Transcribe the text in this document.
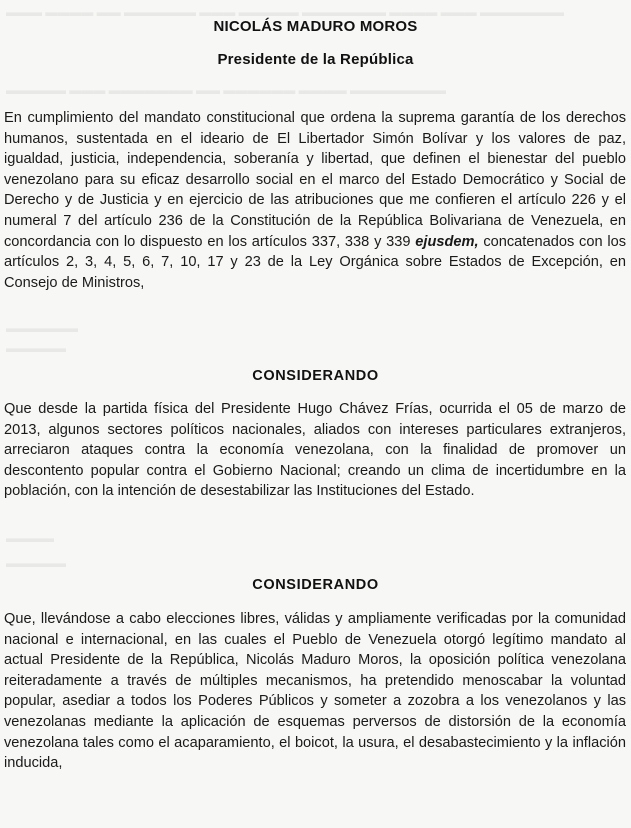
▬▬▬ ▬▬▬▬ ▬▬ ▬▬▬▬▬▬ ▬▬▬ ▬▬▬▬▬ ▬▬▬▬▬▬▬ ▬▬▬▬ ▬▬▬ ▬▬▬▬▬▬▬
▬▬▬▬▬ ▬▬▬ ▬▬▬▬▬▬▬ ▬▬ ▬▬▬▬▬▬ ▬▬▬▬ ▬▬▬▬▬▬▬▬
▬▬▬▬▬▬
▬▬▬▬▬
▬▬▬▬
▬▬▬▬▬
NICOLÁS MADURO MOROS
Presidente de la República
En cumplimiento del mandato constitucional que ordena la suprema garantía de los derechos humanos, sustentada en el ideario de El Libertador Simón Bolívar y los valores de paz, igualdad, justicia, independencia, soberanía y libertad, que definen el bienestar del pueblo venezolano para su eficaz desarrollo social en el marco del Estado Democrático y Social de Derecho y de Justicia y en ejercicio de las atribuciones que me confieren el artículo 226 y el numeral 7 del artículo 236 de la Constitución de la República Bolivariana de Venezuela, en concordancia con lo dispuesto en los artículos 337, 338 y 339 ejusdem, concatenados con los artículos 2, 3, 4, 5, 6, 7, 10, 17 y 23 de la Ley Orgánica sobre Estados de Excepción, en Consejo de Ministros,
CONSIDERANDO
Que desde la partida física del Presidente Hugo Chávez Frías, ocurrida el 05 de marzo de 2013, algunos sectores políticos nacionales, aliados con intereses particulares extranjeros, arreciaron ataques contra la economía venezolana, con la finalidad de promover un descontento popular contra el Gobierno Nacional; creando un clima de incertidumbre en la población, con la intención de desestabilizar las Instituciones del Estado.
CONSIDERANDO
Que, llevándose a cabo elecciones libres, válidas y ampliamente verificadas por la comunidad nacional e internacional, en las cuales el Pueblo de Venezuela otorgó legítimo mandato al actual Presidente de la República, Nicolás Maduro Moros, la oposición política venezolana reiteradamente a través de múltiples mecanismos, ha pretendido menoscabar la voluntad popular, asediar a todos los Poderes Públicos y someter a zozobra a los venezolanos y las venezolanas mediante la aplicación de esquemas perversos de distorsión de la economía venezolana tales como el acaparamiento, el boicot, la usura, el desabastecimiento y la inflación inducida,
